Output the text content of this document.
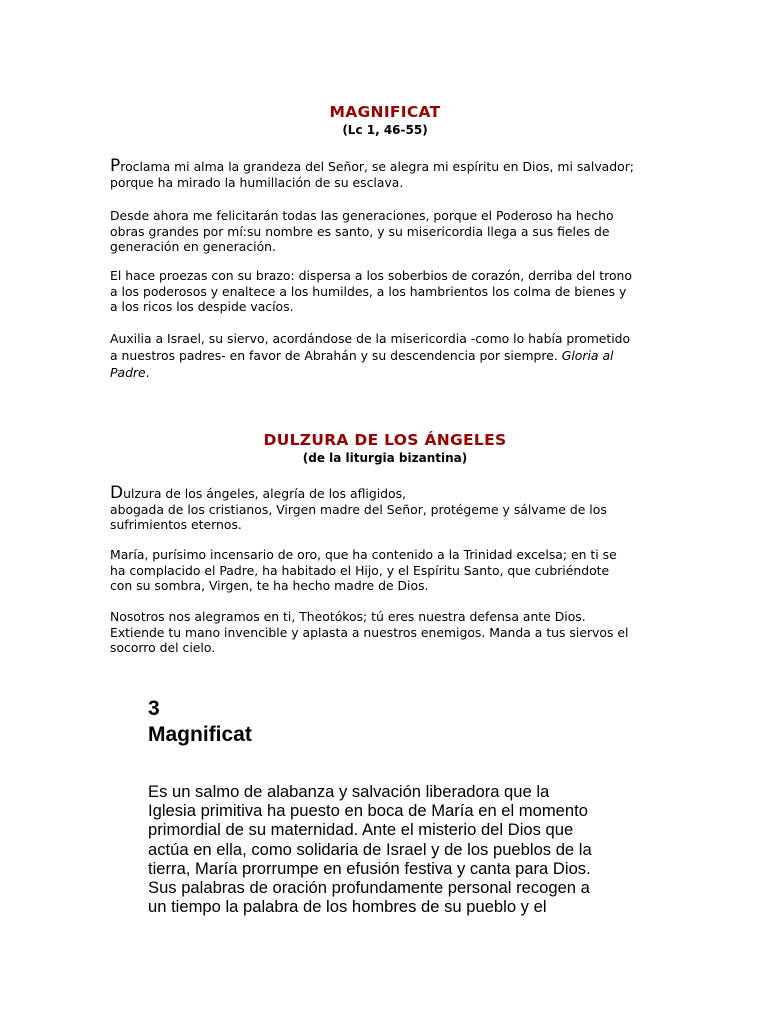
MAGNIFICAT
(Lc 1, 46-55)

Proclama mi alma la grandeza del Señor, se alegra mi espíritu en Dios, mi salvador;
porque ha mirado la humillación de su esclava.

Desde ahora me felicitarán todas las generaciones, porque el Poderoso ha hecho
obras grandes por mí:su nombre es santo, y su misericordia llega a sus fieles de
generación en generación.

El hace proezas con su brazo: dispersa a los soberbios de corazón, derriba del trono
a los poderosos y enaltece a los humildes, a los hambrientos los colma de bienes y
a los ricos los despide vacíos.

Auxilia a Israel, su siervo, acordándose de la misericordia -como lo había prometido
a nuestros padres- en favor de Abrahán y su descendencia por siempre. Gloria al
Padre.

DULZURA DE LOS ÁNGELES
(de la liturgia bizantina)

Dulzura de los ángeles, alegría de los afligidos,
abogada de los cristianos, Virgen madre del Señor, protégeme y sálvame de los
sufrimientos eternos.

María, purísimo incensario de oro, que ha contenido a la Trinidad excelsa; en ti se
ha complacido el Padre, ha habitado el Hijo, y el Espíritu Santo, que cubriéndote
con su sombra, Virgen, te ha hecho madre de Dios.

Nosotros nos alegramos en ti, Theotókos; tú eres nuestra defensa ante Dios.
Extiende tu mano invencible y aplasta a nuestros enemigos. Manda a tus siervos el
socorro del cielo.

3
Magnificat
Es un salmo de alabanza y salvación liberadora que la
Iglesia primitiva ha puesto en boca de María en el momento
primordial de su maternidad. Ante el misterio del Dios que
actúa en ella, como solidaria de Israel y de los pueblos de la
tierra, María prorrumpe en efusión festiva y canta para Dios.
Sus palabras de oración profundamente personal recogen a
un tiempo la palabra de los hombres de su pueblo y el
